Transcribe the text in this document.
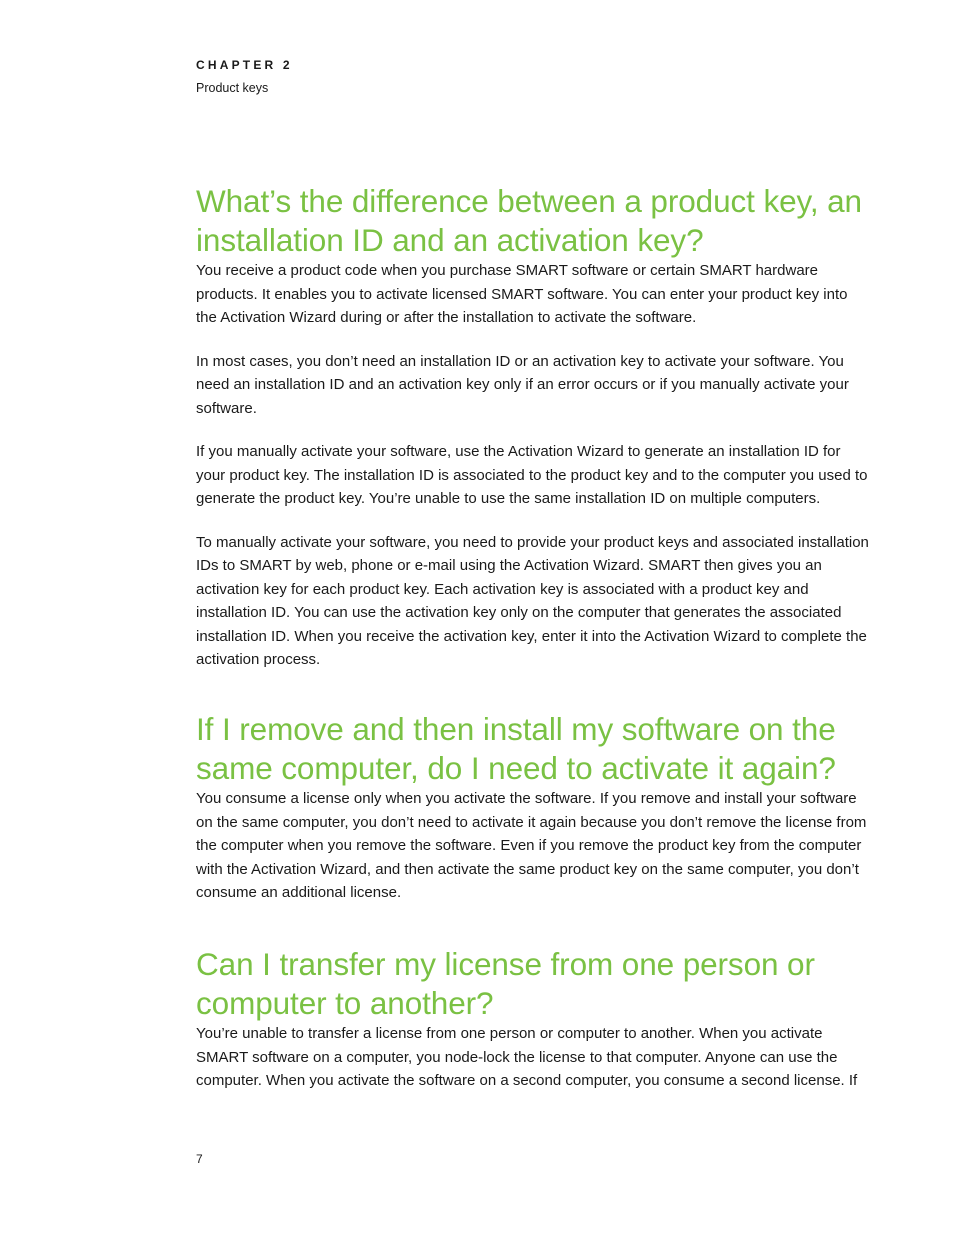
CHAPTER 2

Product keys

What’s the difference between a product key, an installation ID and an activation key?

You receive a product code when you purchase SMART software or certain SMART hardware products. It enables you to activate licensed SMART software. You can enter your product key into the Activation Wizard during or after the installation to activate the software.

In most cases, you don’t need an installation ID or an activation key to activate your software. You need an installation ID and an activation key only if an error occurs or if you manually activate your software.

If you manually activate your software, use the Activation Wizard to generate an installation ID for your product key. The installation ID is associated to the product key and to the computer you used to generate the product key. You’re unable to use the same installation ID on multiple computers.

To manually activate your software, you need to provide your product keys and associated installation IDs to SMART by web, phone or e-mail using the Activation Wizard. SMART then gives you an activation key for each product key. Each activation key is associated with a product key and installation ID. You can use the activation key only on the computer that generates the associated installation ID. When you receive the activation key, enter it into the Activation Wizard to complete the activation process.

If I remove and then install my software on the same computer, do I need to activate it again?

You consume a license only when you activate the software. If you remove and install your software on the same computer, you don’t need to activate it again because you don’t remove the license from the computer when you remove the software. Even if you remove the product key from the computer with the Activation Wizard, and then activate the same product key on the same computer, you don’t consume an additional license.

Can I transfer my license from one person or computer to another?

You’re unable to transfer a license from one person or computer to another. When you activate SMART software on a computer, you node-lock the license to that computer. Anyone can use the computer. When you activate the software on a second computer, you consume a second license. If

7
